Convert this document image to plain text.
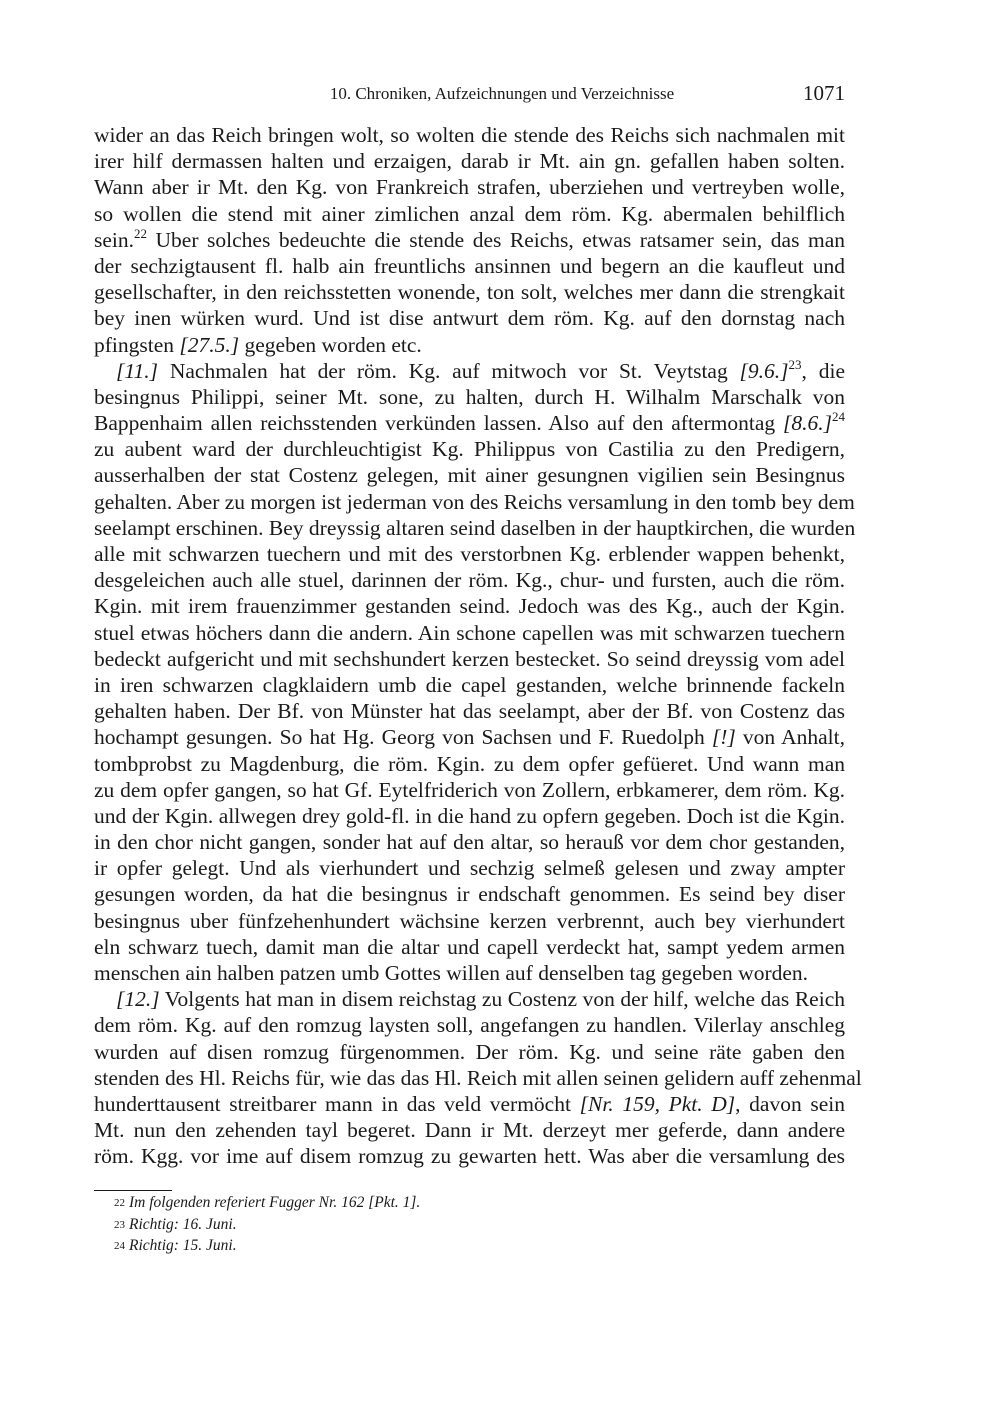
10. Chroniken, Aufzeichnungen und Verzeichnisse	1071
wider an das Reich bringen wolt, so wolten die stende des Reichs sich nachmalen mit
irer hilf dermassen halten und erzaigen, darab ir Mt. ain gn. gefallen haben solten.
Wann aber ir Mt. den Kg. von Frankreich strafen, uberziehen und vertreyben wolle,
so wollen die stend mit ainer zimlichen anzal dem röm. Kg. abermalen behilflich
sein.$^{22}$ Uber solches bedeuchte die stende des Reichs, etwas ratsamer sein, das man
der sechzigtausent fl. halb ain freuntlichs ansinnen und begern an die kaufleut und
gesellschafter, in den reichsstetten wonende, ton solt, welches mer dann die strengkait
bey inen würken wurd. Und ist dise antwurt dem röm. Kg. auf den dornstag nach
pfingsten [27.5.] gegeben worden etc.
[11.] Nachmalen hat der röm. Kg. auf mitwoch vor St. Veytstag $[9.6.]^{23}$, die
besingnus Philippi, seiner Mt. sone, zu halten, durch H. Wilhalm Marschalk von
Bappenhaim allen reichsstenden verkünden lassen. Also auf den aftermontag $[8.6.]^{24}$
zu aubent ward der durchleuchtigist Kg. Philippus von Castilia zu den Predigern,
ausserhalben der stat Costenz gelegen, mit ainer gesungnen vigilien sein Besingnus
gehalten. Aber zu morgen ist jederman von des Reichs versamlung in den tomb bey dem
seelampt erschinen. Bey dreyssig altaren seind daselben in der hauptkirchen, die wurden
alle mit schwarzen tuechern und mit des verstorbnen Kg. erblender wappen behenkt,
desgeleichen auch alle stuel, darinnen der röm. Kg., chur- und fursten, auch die röm.
Kgin. mit irem frauenzimmer gestanden seind. Jedoch was des Kg., auch der Kgin.
stuel etwas höchers dann die andern. Ain schone capellen was mit schwarzen tuechern
bedeckt aufgericht und mit sechshundert kerzen bestecket. So seind dreyssig vom adel
in iren schwarzen clagklaidern umb die capel gestanden, welche brinnende fackeln
gehalten haben. Der Bf. von Münster hat das seelampt, aber der Bf. von Costenz das
hochampt gesungen. So hat Hg. Georg von Sachsen und F. Ruedolph [!] von Anhalt,
tombprobst zu Magdenburg, die röm. Kgin. zu dem opfer gefüeret. Und wann man
zu dem opfer gangen, so hat Gf. Eytelfriderich von Zollern, erbkamerer, dem röm. Kg.
und der Kgin. allwegen drey gold-fl. in die hand zu opfern gegeben. Doch ist die Kgin.
in den chor nicht gangen, sonder hat auf den altar, so herauß vor dem chor gestanden,
ir opfer gelegt. Und als vierhundert und sechzig selmeß gelesen und zway ampter
gesungen worden, da hat die besingnus ir endschaft genommen. Es seind bey diser
besingnus uber fünfzehenhundert wächsine kerzen verbrennt, auch bey vierhundert
eln schwarz tuech, damit man die altar und capell verdeckt hat, sampt yedem armen
menschen ain halben patzen umb Gottes willen auf denselben tag gegeben worden.
[12.] Volgents hat man in disem reichstag zu Costenz von der hilf, welche das Reich
dem röm. Kg. auf den romzug laysten soll, angefangen zu handlen. Vilerlay anschleg
wurden auf disen romzug fürgenommen. Der röm. Kg. und seine räte gaben den
stenden des Hl. Reichs für, wie das das Hl. Reich mit allen seinen gelidern auff zehenmal
hunderttausent streitbarer mann in das veld vermöcht [Nr. 159, Pkt. D], davon sein
Mt. nun den zehenden tayl begeret. Dann ir Mt. derzeyt mer geferde, dann andere
röm. Kgg. vor ime auf disem romzug zu gewarten hett. Was aber die versamlung des
22 Im folgenden referiert Fugger Nr. 162 [Pkt. 1].
23 Richtig: 16. Juni.
24 Richtig: 15. Juni.
